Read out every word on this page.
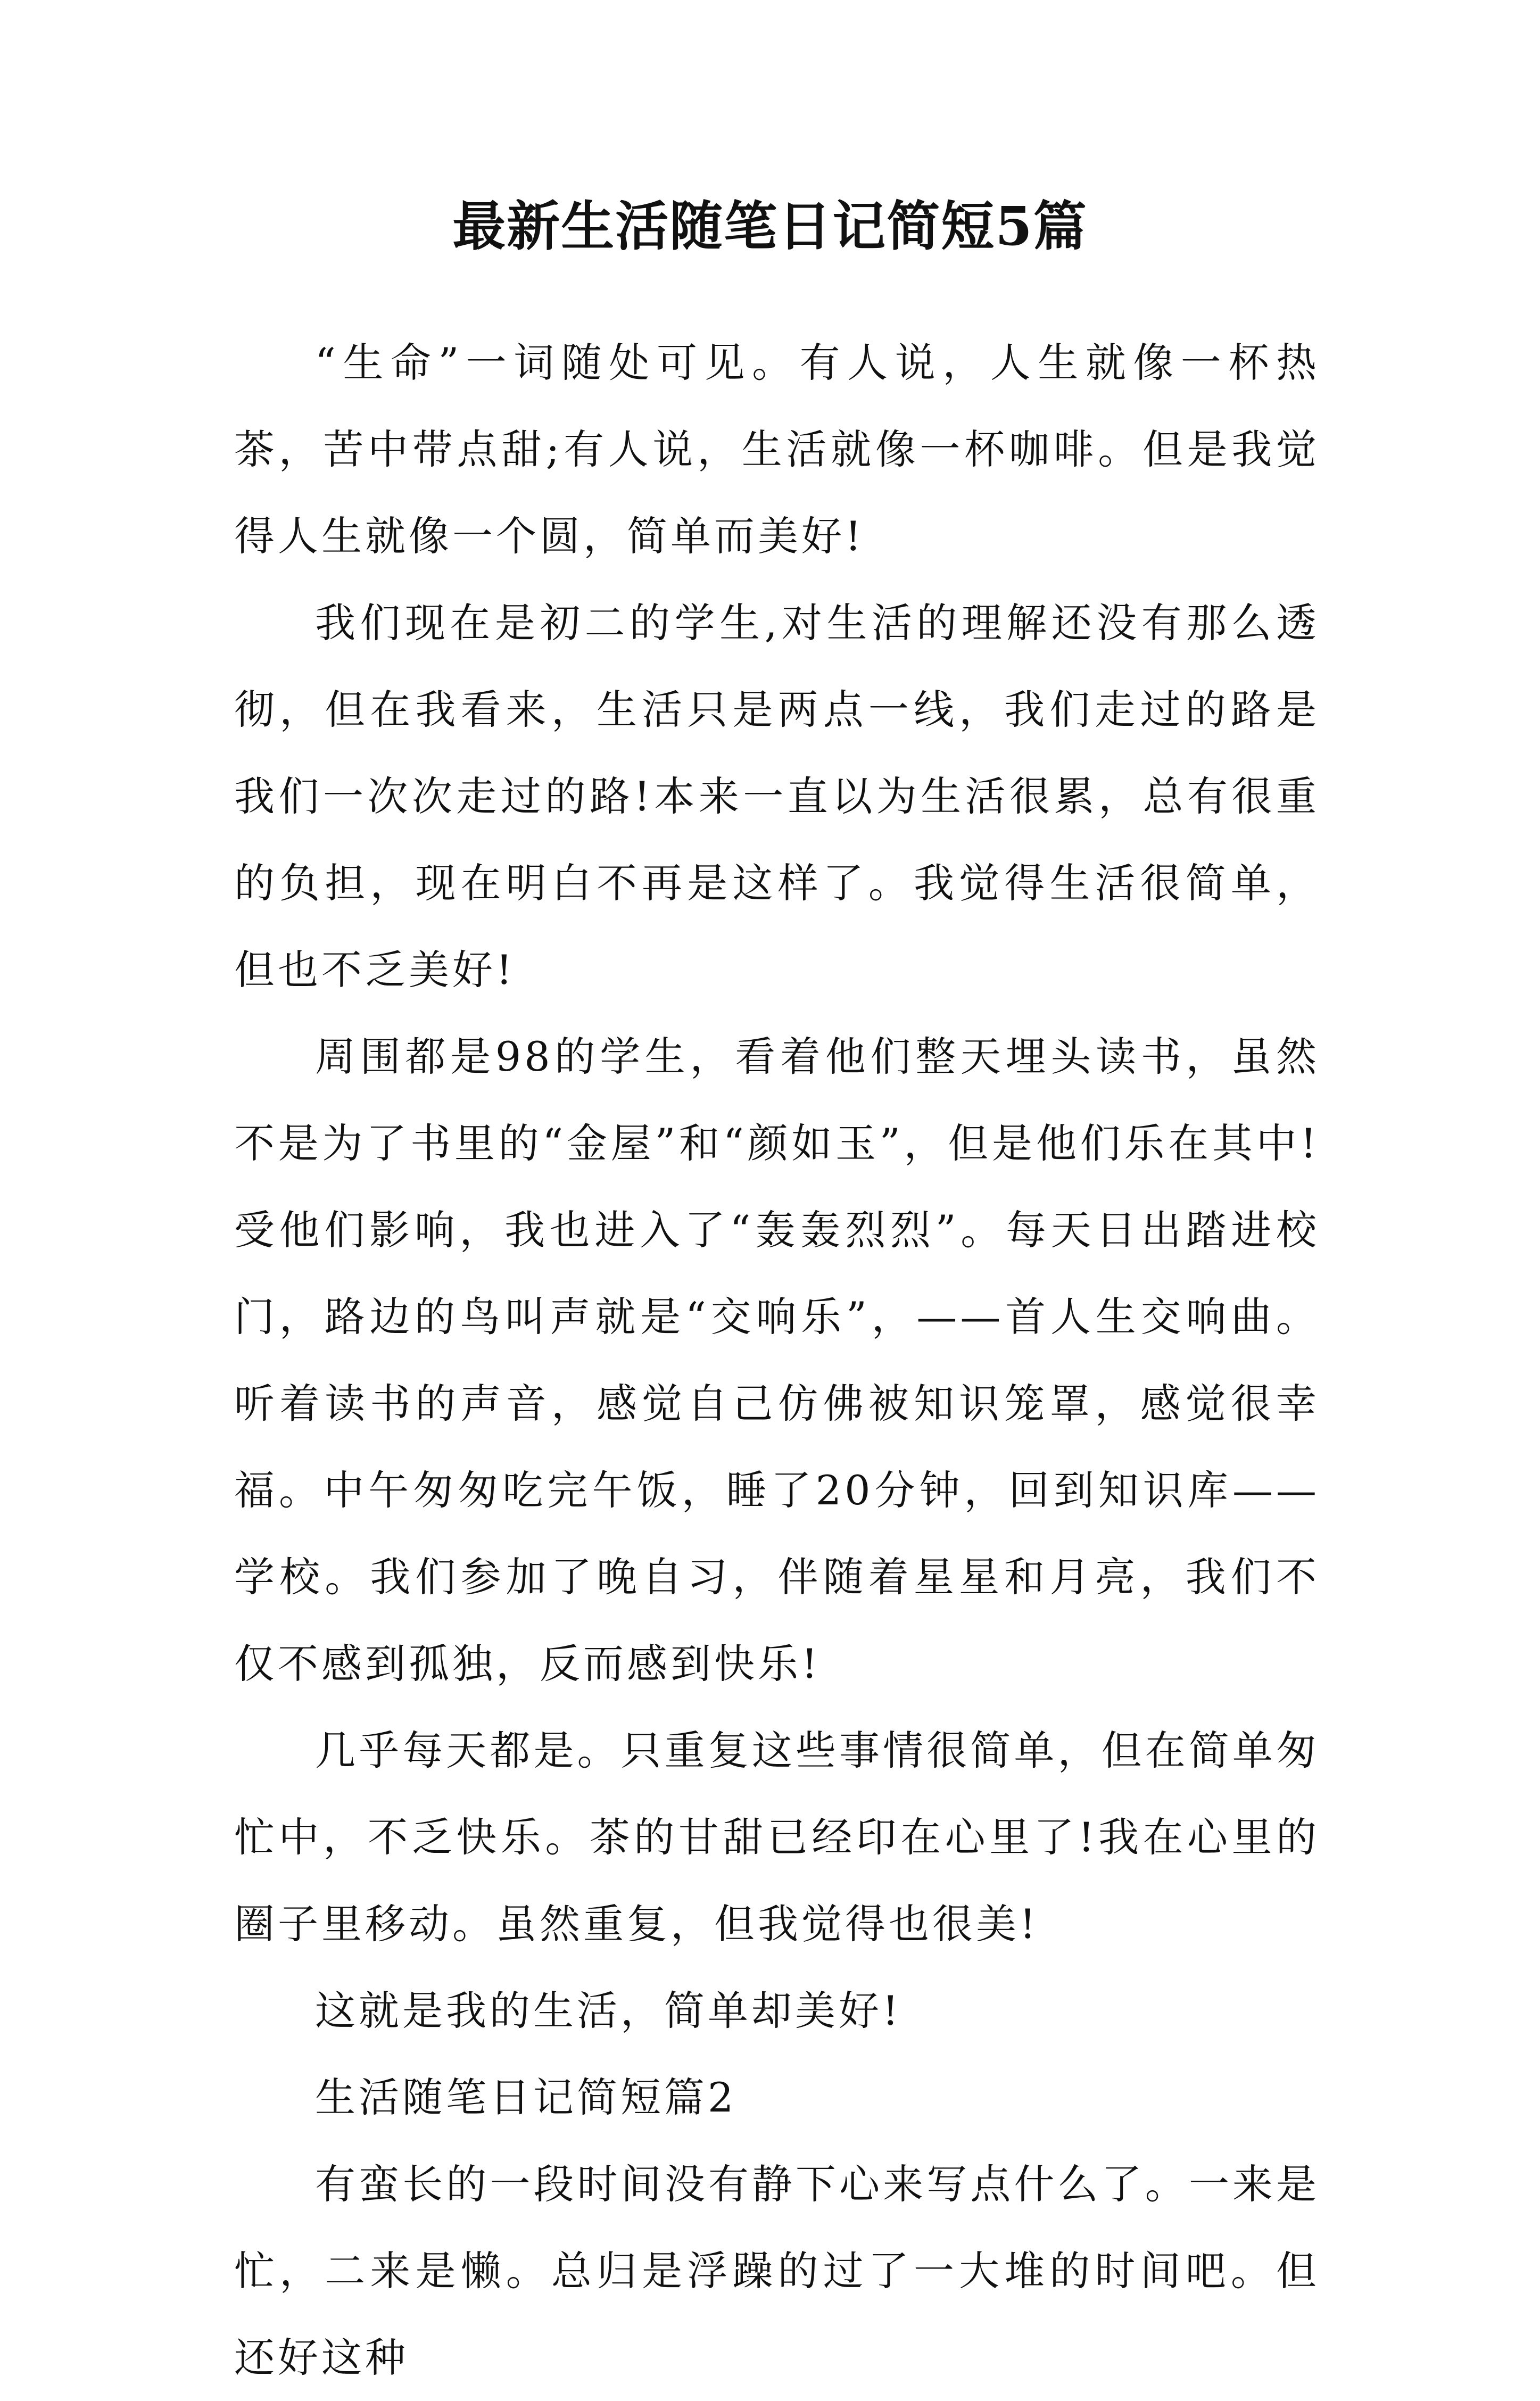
最新生活随笔日记简短5篇

“生命”一词随处可见。有人说，人生就像一杯热茶，苦中带点甜;有人说，生活就像一杯咖啡。但是我觉得人生就像一个圆，简单而美好!

我们现在是初二的学生,对生活的理解还没有那么透彻，但在我看来，生活只是两点一线，我们走过的路是我们一次次走过的路!本来一直以为生活很累，总有很重的负担，现在明白不再是这样了。我觉得生活很简单，但也不乏美好!

周围都是98的学生，看着他们整天埋头读书，虽然不是为了书里的“金屋”和“颜如玉”，但是他们乐在其中!受他们影响，我也进入了“轰轰烈烈”。每天日出踏进校门，路边的鸟叫声就是“交响乐”，——首人生交响曲。听着读书的声音，感觉自己仿佛被知识笼罩，感觉很幸福。中午匆匆吃完午饭，睡了20分钟，回到知识库——学校。我们参加了晚自习，伴随着星星和月亮，我们不仅不感到孤独，反而感到快乐!

几乎每天都是。只重复这些事情很简单，但在简单匆忙中，不乏快乐。茶的甘甜已经印在心里了!我在心里的圈子里移动。虽然重复，但我觉得也很美!

这就是我的生活，简单却美好!

生活随笔日记简短篇2

有蛮长的一段时间没有静下心来写点什么了。一来是忙，二来是懒。总归是浮躁的过了一大堆的时间吧。但还好这种
